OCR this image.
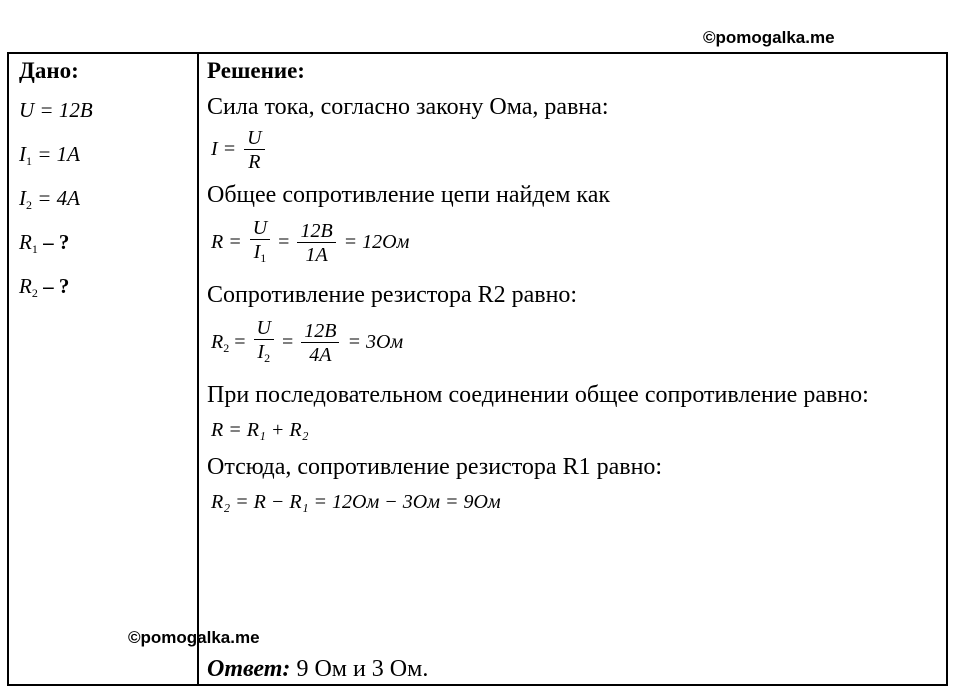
©pomogalka.me
Дано:
U = 12B
$I_1 = 1A$
$I_2 = 4A$
$R_1$ – ?
$R_2$ – ?
Решение:
Сила тока, согласно закону Ома, равна:
$I = \frac{U}{R}$
Общее сопротивление цепи найдем как
$R = \frac{U}{I_1} = \frac{12B}{1A} = 12Ом$
Сопротивление резистора R2 равно:
$R_2 = \frac{U}{I_2} = \frac{12B}{4A} = 3Ом$
При последовательном соединении общее сопротивление равно:
R = R₁ + R₂
Отсюда, сопротивление резистора R1 равно:
R₂ = R − R₁ = 12Ом − 3Ом = 9Ом
Ответ: 9 Ом и 3 Ом.
©pomogalka.me
